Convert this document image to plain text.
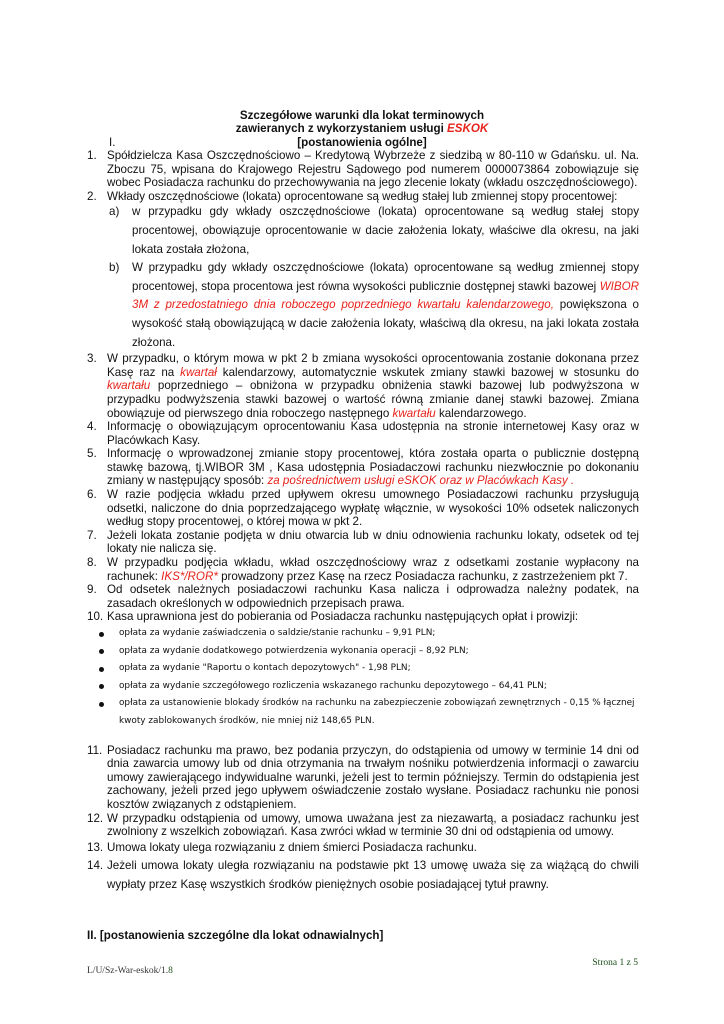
Szczegółowe warunki dla lokat terminowych
zawieranych z wykorzystaniem usługi ESKOK
I.	[postanowienia ogólne]
1. Spółdzielcza Kasa Oszczędnościowo – Kredytową Wybrzeże z siedzibą w 80-110 w Gdańsku. ul. Na. Zboczu 75, wpisana do Krajowego Rejestru Sądowego pod numerem 0000073864 zobowiązuje się wobec Posiadacza rachunku do przechowywania na jego zlecenie lokaty (wkładu oszczędnościowego).
2. Wkłady oszczędnościowe (lokata) oprocentowane są według stałej lub zmiennej stopy procentowej:
a) w przypadku gdy wkłady oszczędnościowe (lokata) oprocentowane są według stałej stopy procentowej, obowiązuje oprocentowanie w dacie założenia lokaty, właściwe dla okresu, na jaki lokata została złożona,
b) W przypadku gdy wkłady oszczędnościowe (lokata) oprocentowane są według zmiennej stopy procentowej, stopa procentowa jest równa wysokości publicznie dostępnej stawki bazowej WIBOR 3M z przedostatniego dnia roboczego poprzedniego kwartału kalendarzowego, powiększona o wysokość stałą obowiązującą w dacie założenia lokaty, właściwą dla okresu, na jaki lokata została złożona.
3. W przypadku, o którym mowa w pkt 2 b zmiana wysokości oprocentowania zostanie dokonana przez Kasę raz na kwartał kalendarzowy, automatycznie wskutek zmiany stawki bazowej w stosunku do kwartału poprzedniego – obniżona w przypadku obniżenia stawki bazowej lub podwyższona w przypadku podwyższenia stawki bazowej o wartość równą zmianie danej stawki bazowej. Zmiana obowiązuje od pierwszego dnia roboczego następnego kwartału kalendarzowego.
4. Informację o obowiązującym oprocentowaniu Kasa udostępnia na stronie internetowej Kasy oraz w Placówkach Kasy.
5. Informację o wprowadzonej zmianie stopy procentowej, która została oparta o publicznie dostępną stawkę bazową, tj.WIBOR 3M , Kasa udostępnia Posiadaczowi rachunku niezwłocznie po dokonaniu zmiany w następujący sposób: za pośrednictwem usługi eSKOK oraz w Placówkach Kasy .
6. W razie podjęcia wkładu przed upływem okresu umownego Posiadaczowi rachunku przysługują odsetki, naliczone do dnia poprzedzającego wypłatę włącznie, w wysokości 10% odsetek naliczonych według stopy procentowej, o której mowa w pkt 2.
7. Jeżeli lokata zostanie podjęta w dniu otwarcia lub w dniu odnowienia rachunku lokaty, odsetek od tej lokaty nie nalicza się.
8. W przypadku podjęcia wkładu, wkład oszczędnościowy wraz z odsetkami zostanie wypłacony na rachunek: IKS*/ROR* prowadzony przez Kasę na rzecz Posiadacza rachunku, z zastrzeżeniem pkt 7.
9. Od odsetek należnych posiadaczowi rachunku Kasa nalicza i odprowadza należny podatek, na zasadach określonych w odpowiednich przepisach prawa.
10. Kasa uprawniona jest do pobierania od Posiadacza rachunku następujących opłat i prowizji:
opłata za wydanie zaświadczenia o saldzie/stanie rachunku – 9,91 PLN;
opłata za wydanie dodatkowego potwierdzenia wykonania operacji – 8,92 PLN;
opłata za wydanie "Raportu o kontach depozytowych" - 1,98 PLN;
opłata za wydanie szczegółowego rozliczenia wskazanego rachunku depozytowego – 64,41 PLN;
opłata za ustanowienie blokady środków na rachunku na zabezpieczenie zobowiązań zewnętrznych - 0,15 % łącznej kwoty zablokowanych środków, nie mniej niż 148,65 PLN.
11. Posiadacz rachunku ma prawo, bez podania przyczyn, do odstąpienia od umowy w terminie 14 dni od dnia zawarcia umowy lub od dnia otrzymania na trwałym nośniku potwierdzenia informacji o zawarciu umowy zawierającego indywidualne warunki, jeżeli jest to termin późniejszy. Termin do odstąpienia jest zachowany, jeżeli przed jego upływem oświadczenie zostało wysłane. Posiadacz rachunku nie ponosi kosztów związanych z odstąpieniem.
12. W przypadku odstąpienia od umowy, umowa uważana jest za niezawartą, a posiadacz rachunku jest zwolniony z wszelkich zobowiązań. Kasa zwróci wkład w terminie 30 dni od odstąpienia od umowy.
13. Umowa lokaty ulega rozwiązaniu z dniem śmierci Posiadacza rachunku.
14. Jeżeli umowa lokaty uległa rozwiązaniu na podstawie pkt 13 umowę uważa się za wiążącą do chwili wypłaty przez Kasę wszystkich środków pieniężnych osobie posiadającej tytuł prawny.
II. [postanowienia szczególne dla lokat odnawialnych]
Strona 1 z 5
L/U/Sz-War-eskok/1.8
